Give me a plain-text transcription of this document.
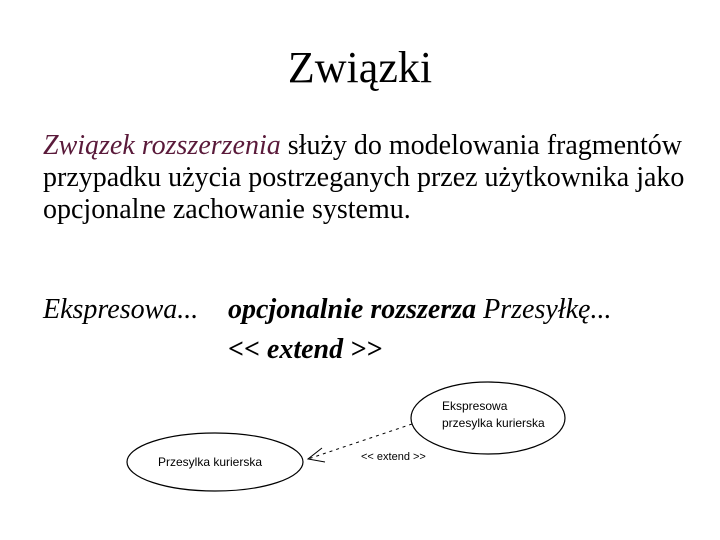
Związki
Związek rozszerzenia służy do modelowania fragmentów przypadku użycia postrzeganych przez użytkownika jako opcjonalne zachowanie systemu.
Ekspresowa... opcjonalnie rozszerza Przesyłkę...
<< extend >>
Ekspresowa
przesylka kurierska
Przesylka kurierska	<< extend >>
